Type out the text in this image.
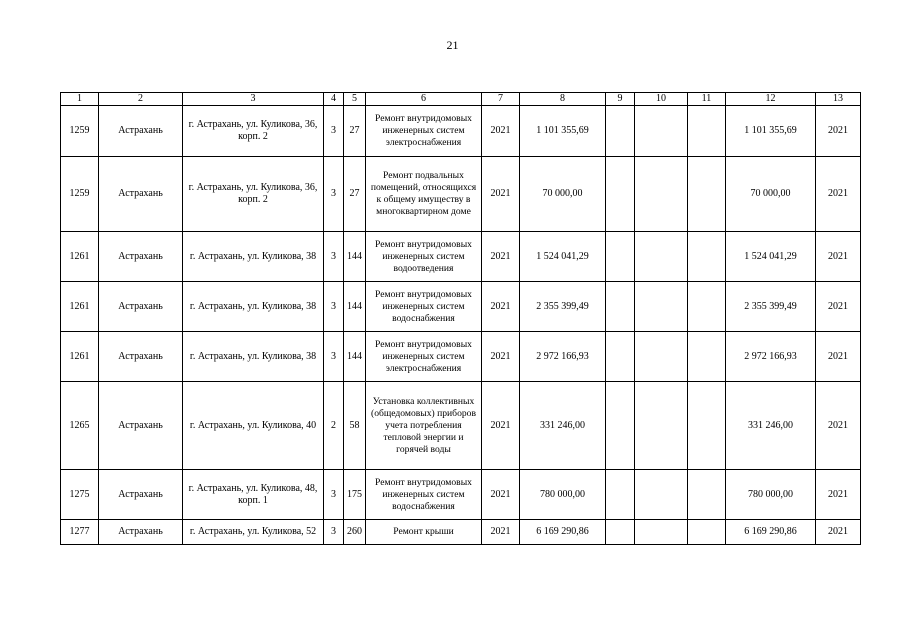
21
1	2	3	4	5	6	7	8	9	10	11	12	13
1259	Астрахань	г. Астрахань, ул. Куликова, 36, корп. 2	3	27	Ремонт внутридомовых инженерных систем электроснабжения	2021	1 101 355,69				1 101 355,69	2021
1259	Астрахань	г. Астрахань, ул. Куликова, 36, корп. 2	3	27	Ремонт подвальных помещений, относящихся к общему имуществу в многоквартирном доме	2021	70 000,00				70 000,00	2021
1261	Астрахань	г. Астрахань, ул. Куликова, 38	3	144	Ремонт внутридомовых инженерных систем водоотведения	2021	1 524 041,29				1 524 041,29	2021
1261	Астрахань	г. Астрахань, ул. Куликова, 38	3	144	Ремонт внутридомовых инженерных систем водоснабжения	2021	2 355 399,49				2 355 399,49	2021
1261	Астрахань	г. Астрахань, ул. Куликова, 38	3	144	Ремонт внутридомовых инженерных систем электроснабжения	2021	2 972 166,93				2 972 166,93	2021
1265	Астрахань	г. Астрахань, ул. Куликова, 40	2	58	Установка коллективных (общедомовых) приборов учета потребления тепловой энергии и горячей воды	2021	331 246,00				331 246,00	2021
1275	Астрахань	г. Астрахань, ул. Куликова, 48, корп. 1	3	175	Ремонт внутридомовых инженерных систем водоснабжения	2021	780 000,00				780 000,00	2021
1277	Астрахань	г. Астрахань, ул. Куликова, 52	3	260	Ремонт крыши	2021	6 169 290,86				6 169 290,86	2021
